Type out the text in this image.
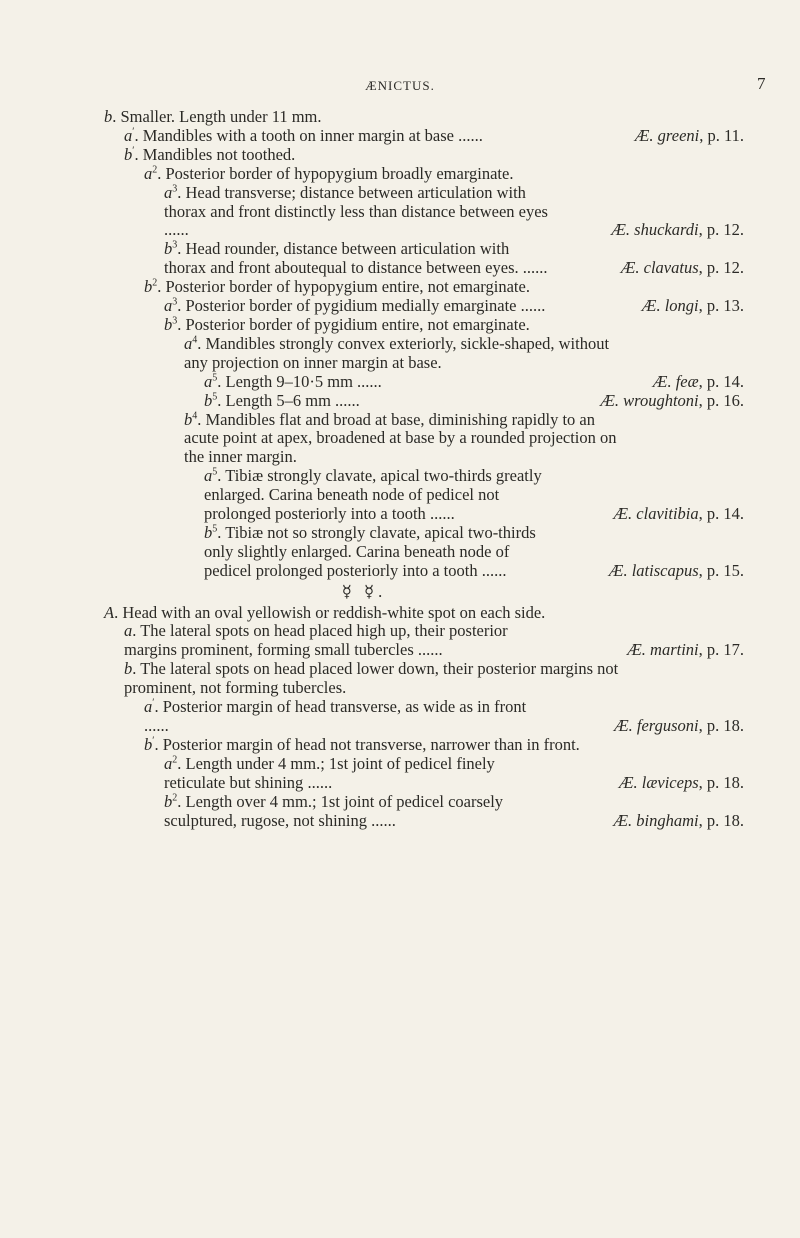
ÆNICTUS.	7
b. Smaller. Length under 11 mm.
a′. Mandibles with a tooth on inner margin at base ......	Æ. greeni, p. 11.
b′. Mandibles not toothed.
$a^2$. Posterior border of hypopygium broadly emarginate.
$a^3$. Head transverse; distance between articulation with thorax and front distinctly less than distance between eyes ......	Æ. shuckardi, p. 12.
$b^3$. Head rounder, distance between articulation with thorax and front aboutequal to distance between eyes. ......	Æ. clavatus, p. 12.
$b^2$. Posterior border of hypopygium entire, not emarginate.
$a^3$. Posterior border of pygidium medially emarginate ......	Æ. longi, p. 13.
$b^3$. Posterior border of pygidium entire, not emarginate.
$a^4$. Mandibles strongly convex exteriorly, sickle-shaped, without any projection on inner margin at base.
$a^5$. Length 9–10·5 mm ......	Æ. feæ, p. 14.
$b^5$. Length 5–6 mm ......	Æ. wroughtoni, p. 16.
$b^4$. Mandibles flat and broad at base, diminishing rapidly to an acute point at apex, broadened at base by a rounded projection on the inner margin.
$a^5$. Tibiæ strongly clavate, apical two-thirds greatly enlarged. Carina beneath node of pedicel not prolonged posteriorly into a tooth ......	Æ. clavitibia, p. 14.
$b^5$. Tibiæ not so strongly clavate, apical two-thirds only slightly enlarged. Carina beneath node of pedicel prolonged posteriorly into a tooth ......	Æ. latiscapus, p. 15.
☿ ☿.
A. Head with an oval yellowish or reddish-white spot on each side.
a. The lateral spots on head placed high up, their posterior margins prominent, forming small tubercles ......	Æ. martini, p. 17.
b. The lateral spots on head placed lower down, their posterior margins not prominent, not forming tubercles.
a′. Posterior margin of head transverse, as wide as in front ......	Æ. fergusoni, p. 18.
b′. Posterior margin of head not transverse, narrower than in front.
$a^2$. Length under 4 mm.; 1st joint of pedicel finely reticulate but shining ......	Æ. læviceps, p. 18.
$b^2$. Length over 4 mm.; 1st joint of pedicel coarsely sculptured, rugose, not shining ......	Æ. binghami, p. 18.
